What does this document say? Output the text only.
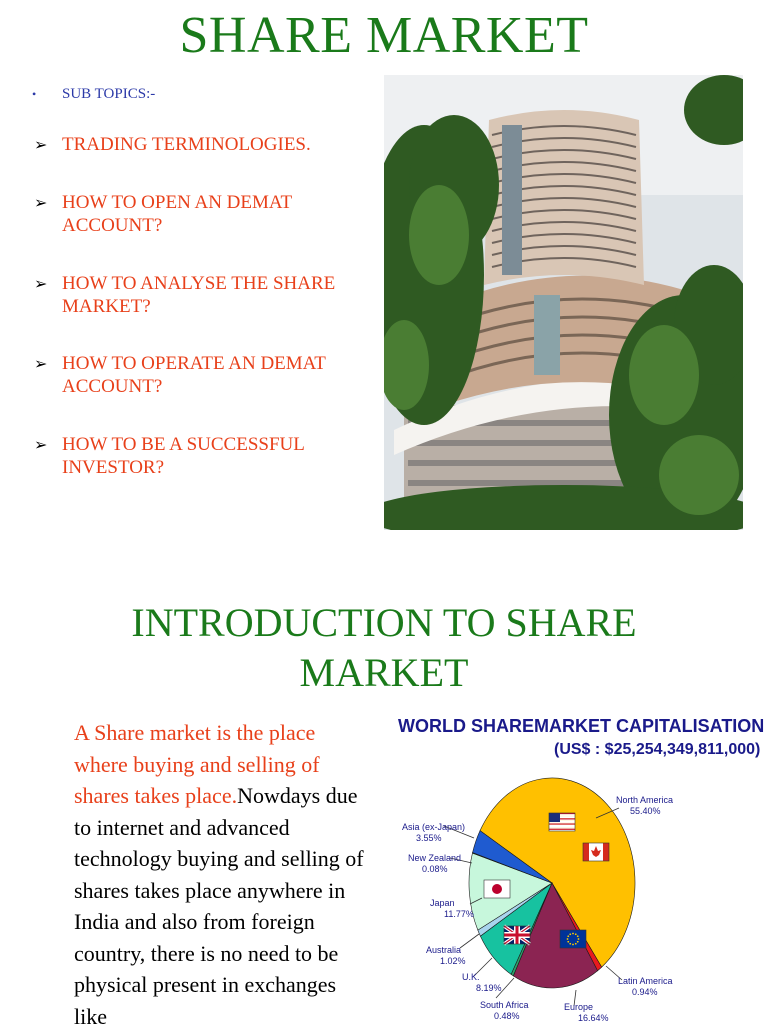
SHARE MARKET
• SUB TOPICS:-
➢ TRADING TERMINOLOGIES.
➢ HOW TO OPEN AN DEMAT ACCOUNT?
➢ HOW TO ANALYSE THE SHARE MARKET?
➢ HOW TO OPERATE AN DEMAT ACCOUNT?
➢ HOW TO BE A SUCCESSFUL INVESTOR?
INTRODUCTION TO SHARE
MARKET
A Share market is the place where buying and selling of shares takes place.Nowdays due to internet and advanced technology buying and selling of shares takes place anywhere in India and also from foreign country, there is no need to be physical present in exchanges like
WORLD SHAREMARKET CAPITALISATION
(US$ : $25,254,349,811,000)
North America
55.40%
Latin America
0.94%
Europe
16.64%
South Africa
0.48%
U.K.
8.19%
Australia
1.02%
Japan
11.77%
New Zealand
0.08%
Asia (ex-Japan)
3.55%
